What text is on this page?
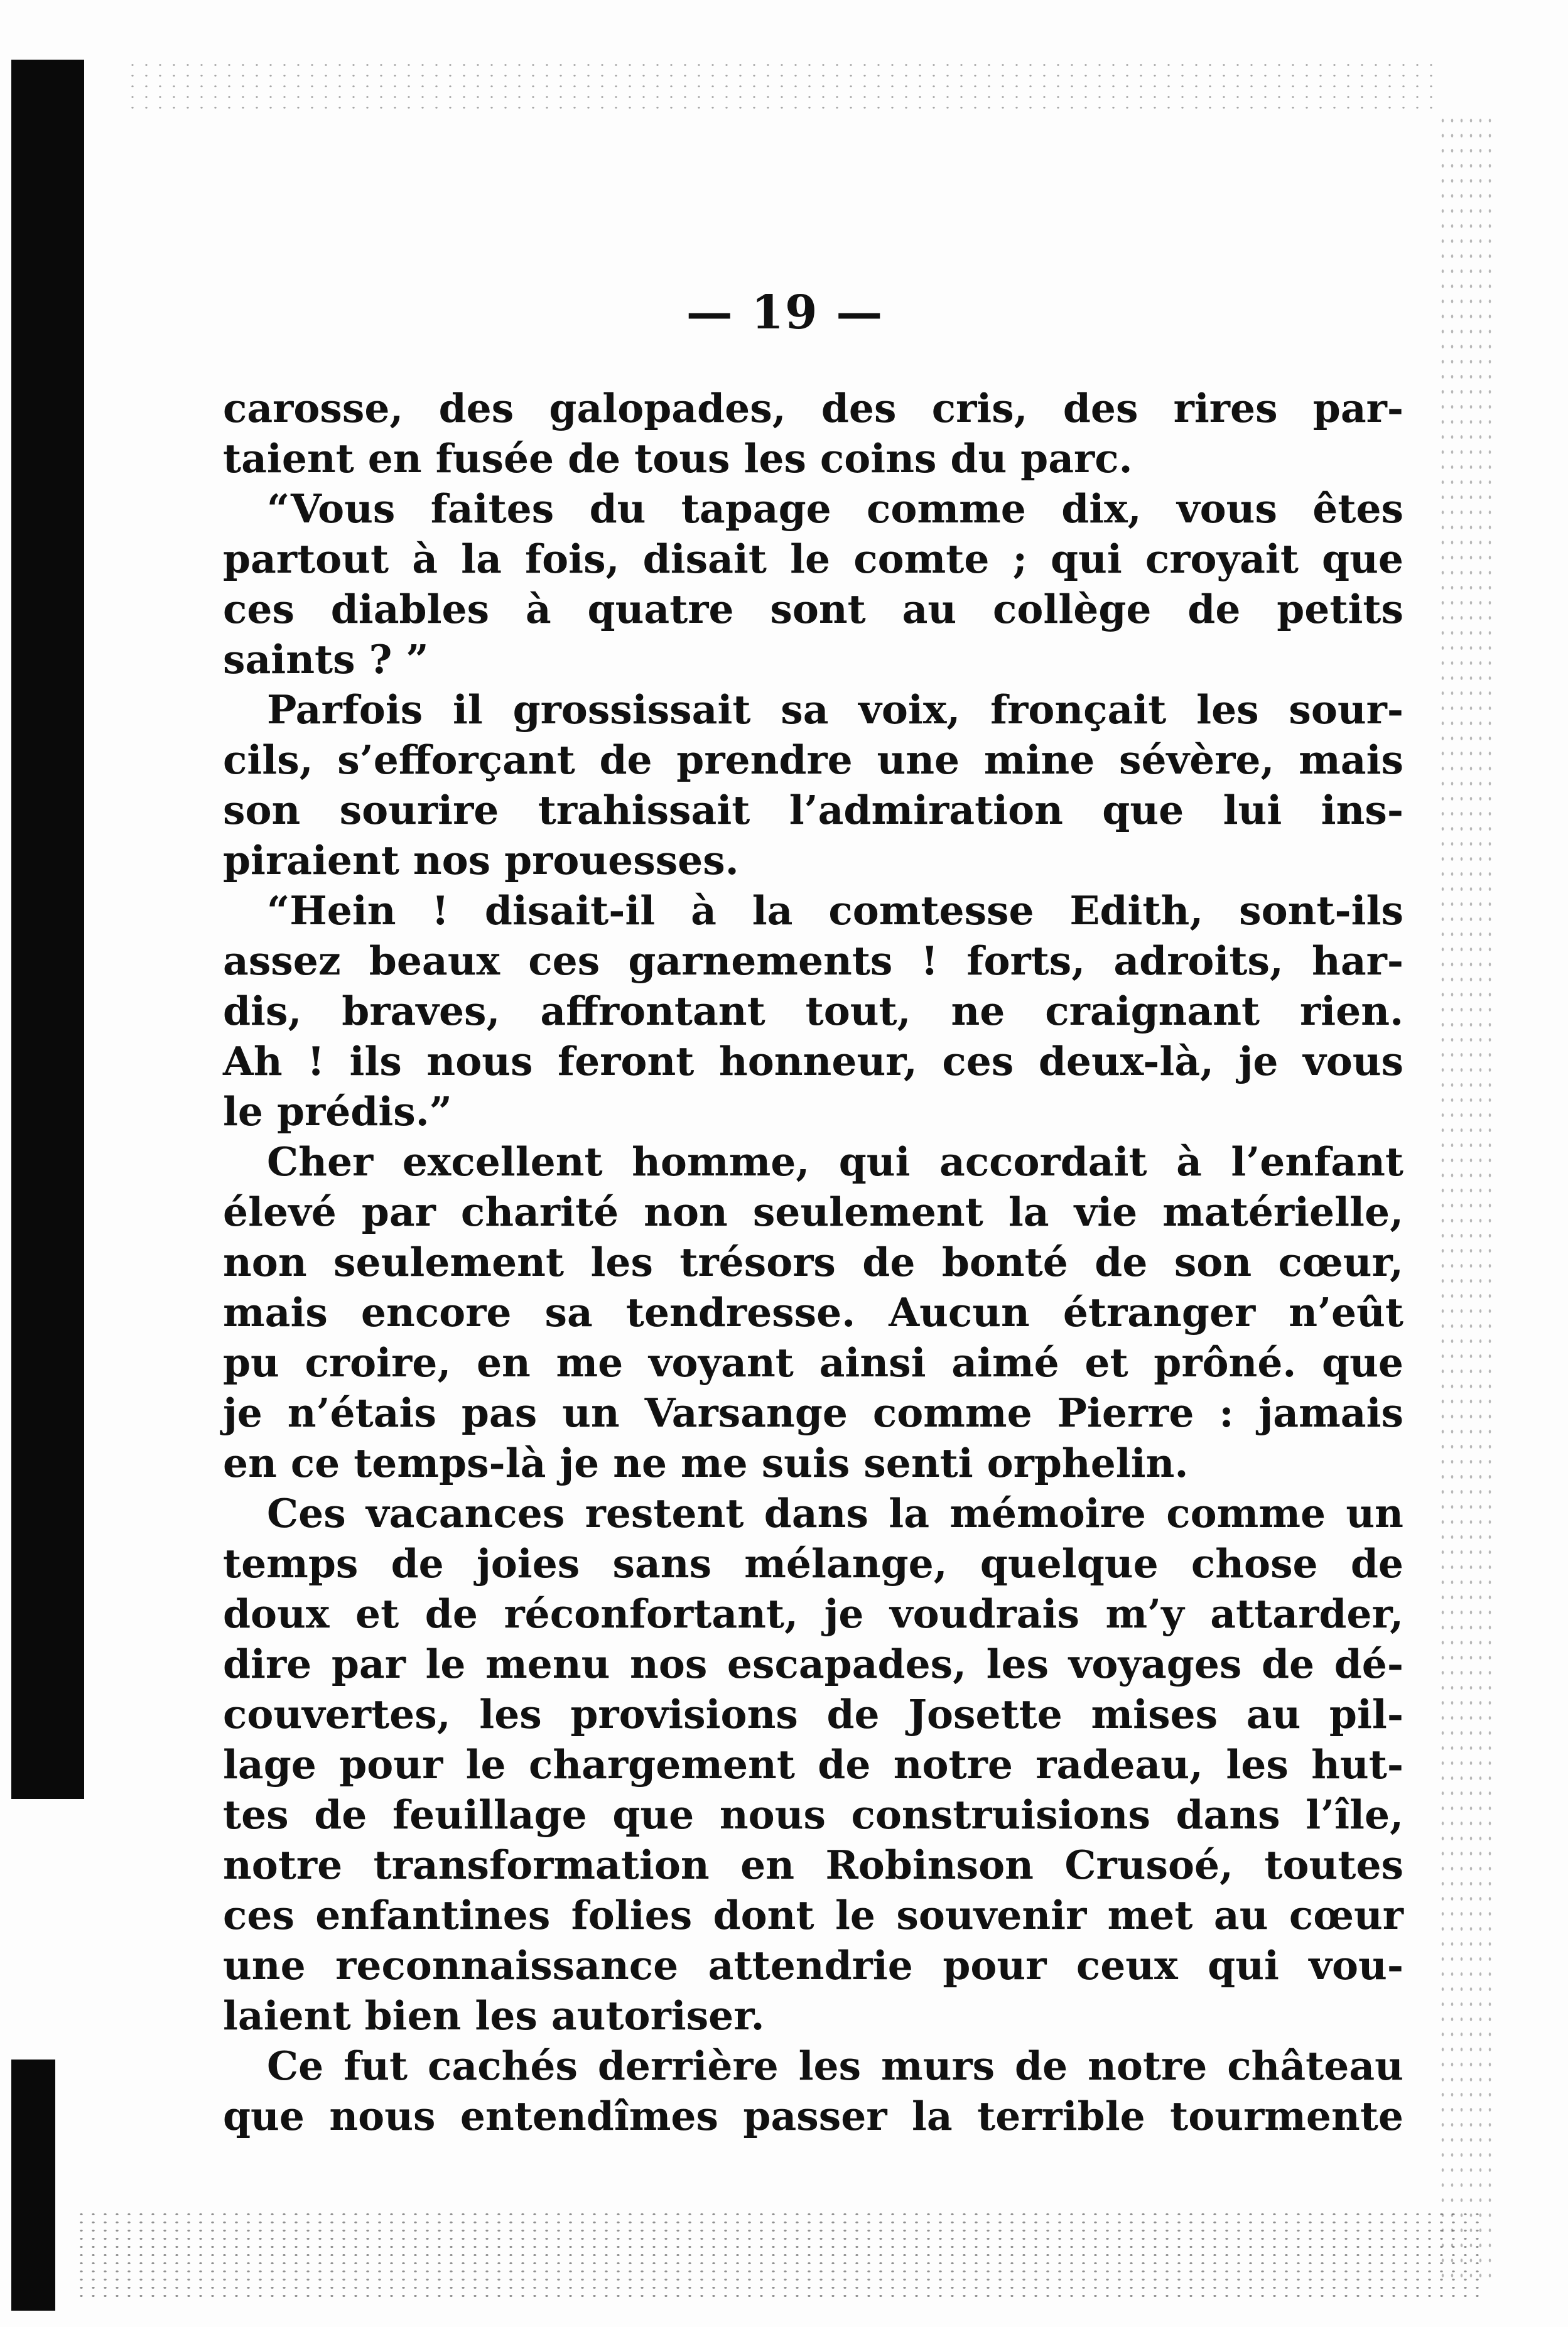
— 19 —
carosse, des galopades, des cris, des rires par-
taient en fusée de tous les coins du parc.
“Vous faites du tapage comme dix, vous êtes
partout à la fois, disait le comte ; qui croyait que
ces diables à quatre sont au collège de petits
saints ? ”
Parfois il grossissait sa voix, fronçait les sour-
cils, s’efforçant de prendre une mine sévère, mais
son sourire trahissait l’admiration que lui ins-
piraient nos prouesses.
“Hein ! disait-il à la comtesse Edith, sont-ils
assez beaux ces garnements ! forts, adroits, har-
dis, braves, affrontant tout, ne craignant rien.
Ah ! ils nous feront honneur, ces deux-là, je vous
le prédis.”
Cher excellent homme, qui accordait à l’enfant
élevé par charité non seulement la vie matérielle,
non seulement les trésors de bonté de son cœur,
mais encore sa tendresse. Aucun étranger n’eût
pu croire, en me voyant ainsi aimé et prôné. que
je n’étais pas un Varsange comme Pierre : jamais
en ce temps-là je ne me suis senti orphelin.
Ces vacances restent dans la mémoire comme un
temps de joies sans mélange, quelque chose de
doux et de réconfortant, je voudrais m’y attarder,
dire par le menu nos escapades, les voyages de dé-
couvertes, les provisions de Josette mises au pil-
lage pour le chargement de notre radeau, les hut-
tes de feuillage que nous construisions dans l’île,
notre transformation en Robinson Crusoé, toutes
ces enfantines folies dont le souvenir met au cœur
une reconnaissance attendrie pour ceux qui vou-
laient bien les autoriser.
Ce fut cachés derrière les murs de notre château
que nous entendîmes passer la terrible tourmente
